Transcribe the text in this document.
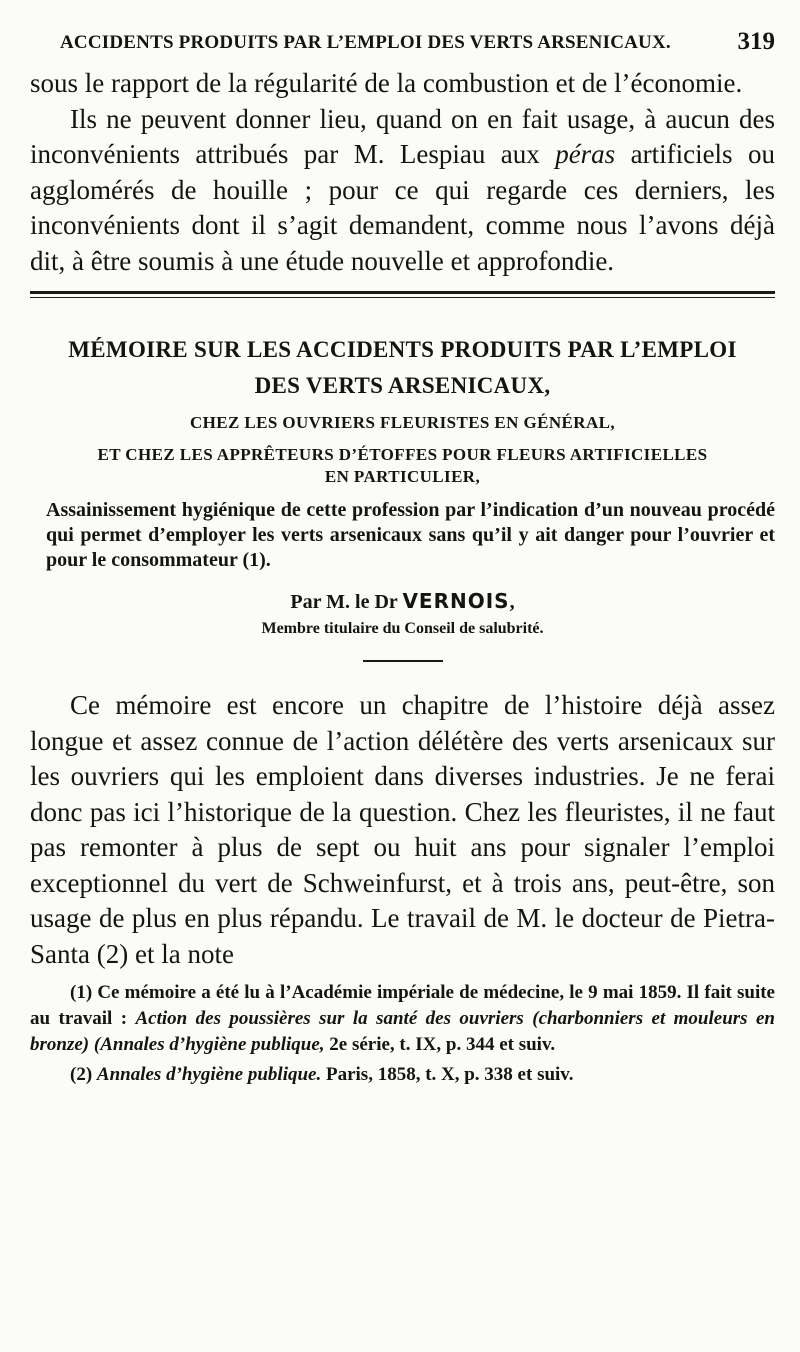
ACCIDENTS PRODUITS PAR L’EMPLOI DES VERTS ARSENICAUX.	319

sous le rapport de la régularité de la combustion et de l’économie.

Ils ne peuvent donner lieu, quand on en fait usage, à aucun des inconvénients attribués par M. Lespiau aux péras artificiels ou agglomérés de houille ; pour ce qui regarde ces derniers, les inconvénients dont il s’agit demandent, comme nous l’avons déjà dit, à être soumis à une étude nouvelle et approfondie.

MÉMOIRE SUR LES ACCIDENTS PRODUITS PAR L’EMPLOI
DES VERTS ARSENICAUX,
CHEZ LES OUVRIERS FLEURISTES EN GÉNÉRAL,
ET CHEZ LES APPRÊTEURS D’ÉTOFFES POUR FLEURS ARTIFICIELLES
EN PARTICULIER,
Assainissement hygiénique de cette profession par l’indication d’un nouveau procédé qui permet d’employer les verts arsenicaux sans qu’il y ait danger pour l’ouvrier et pour le consommateur (1).
Par M. le Dr VERNOIS,
Membre titulaire du Conseil de salubrité.

Ce mémoire est encore un chapitre de l’histoire déjà assez longue et assez connue de l’action délétère des verts arsenicaux sur les ouvriers qui les emploient dans diverses industries. Je ne ferai donc pas ici l’historique de la question. Chez les fleuristes, il ne faut pas remonter à plus de sept ou huit ans pour signaler l’emploi exceptionnel du vert de Schweinfurst, et à trois ans, peut-être, son usage de plus en plus répandu. Le travail de M. le docteur de Pietra-Santa (2) et la note

(1) Ce mémoire a été lu à l’Académie impériale de médecine, le 9 mai 1859. Il fait suite au travail : Action des poussières sur la santé des ouvriers (charbonniers et mouleurs en bronze) (Annales d’hygiène publique, 2e série, t. IX, p. 344 et suiv.

(2) Annales d’hygiène publique. Paris, 1858, t. X, p. 338 et suiv.
